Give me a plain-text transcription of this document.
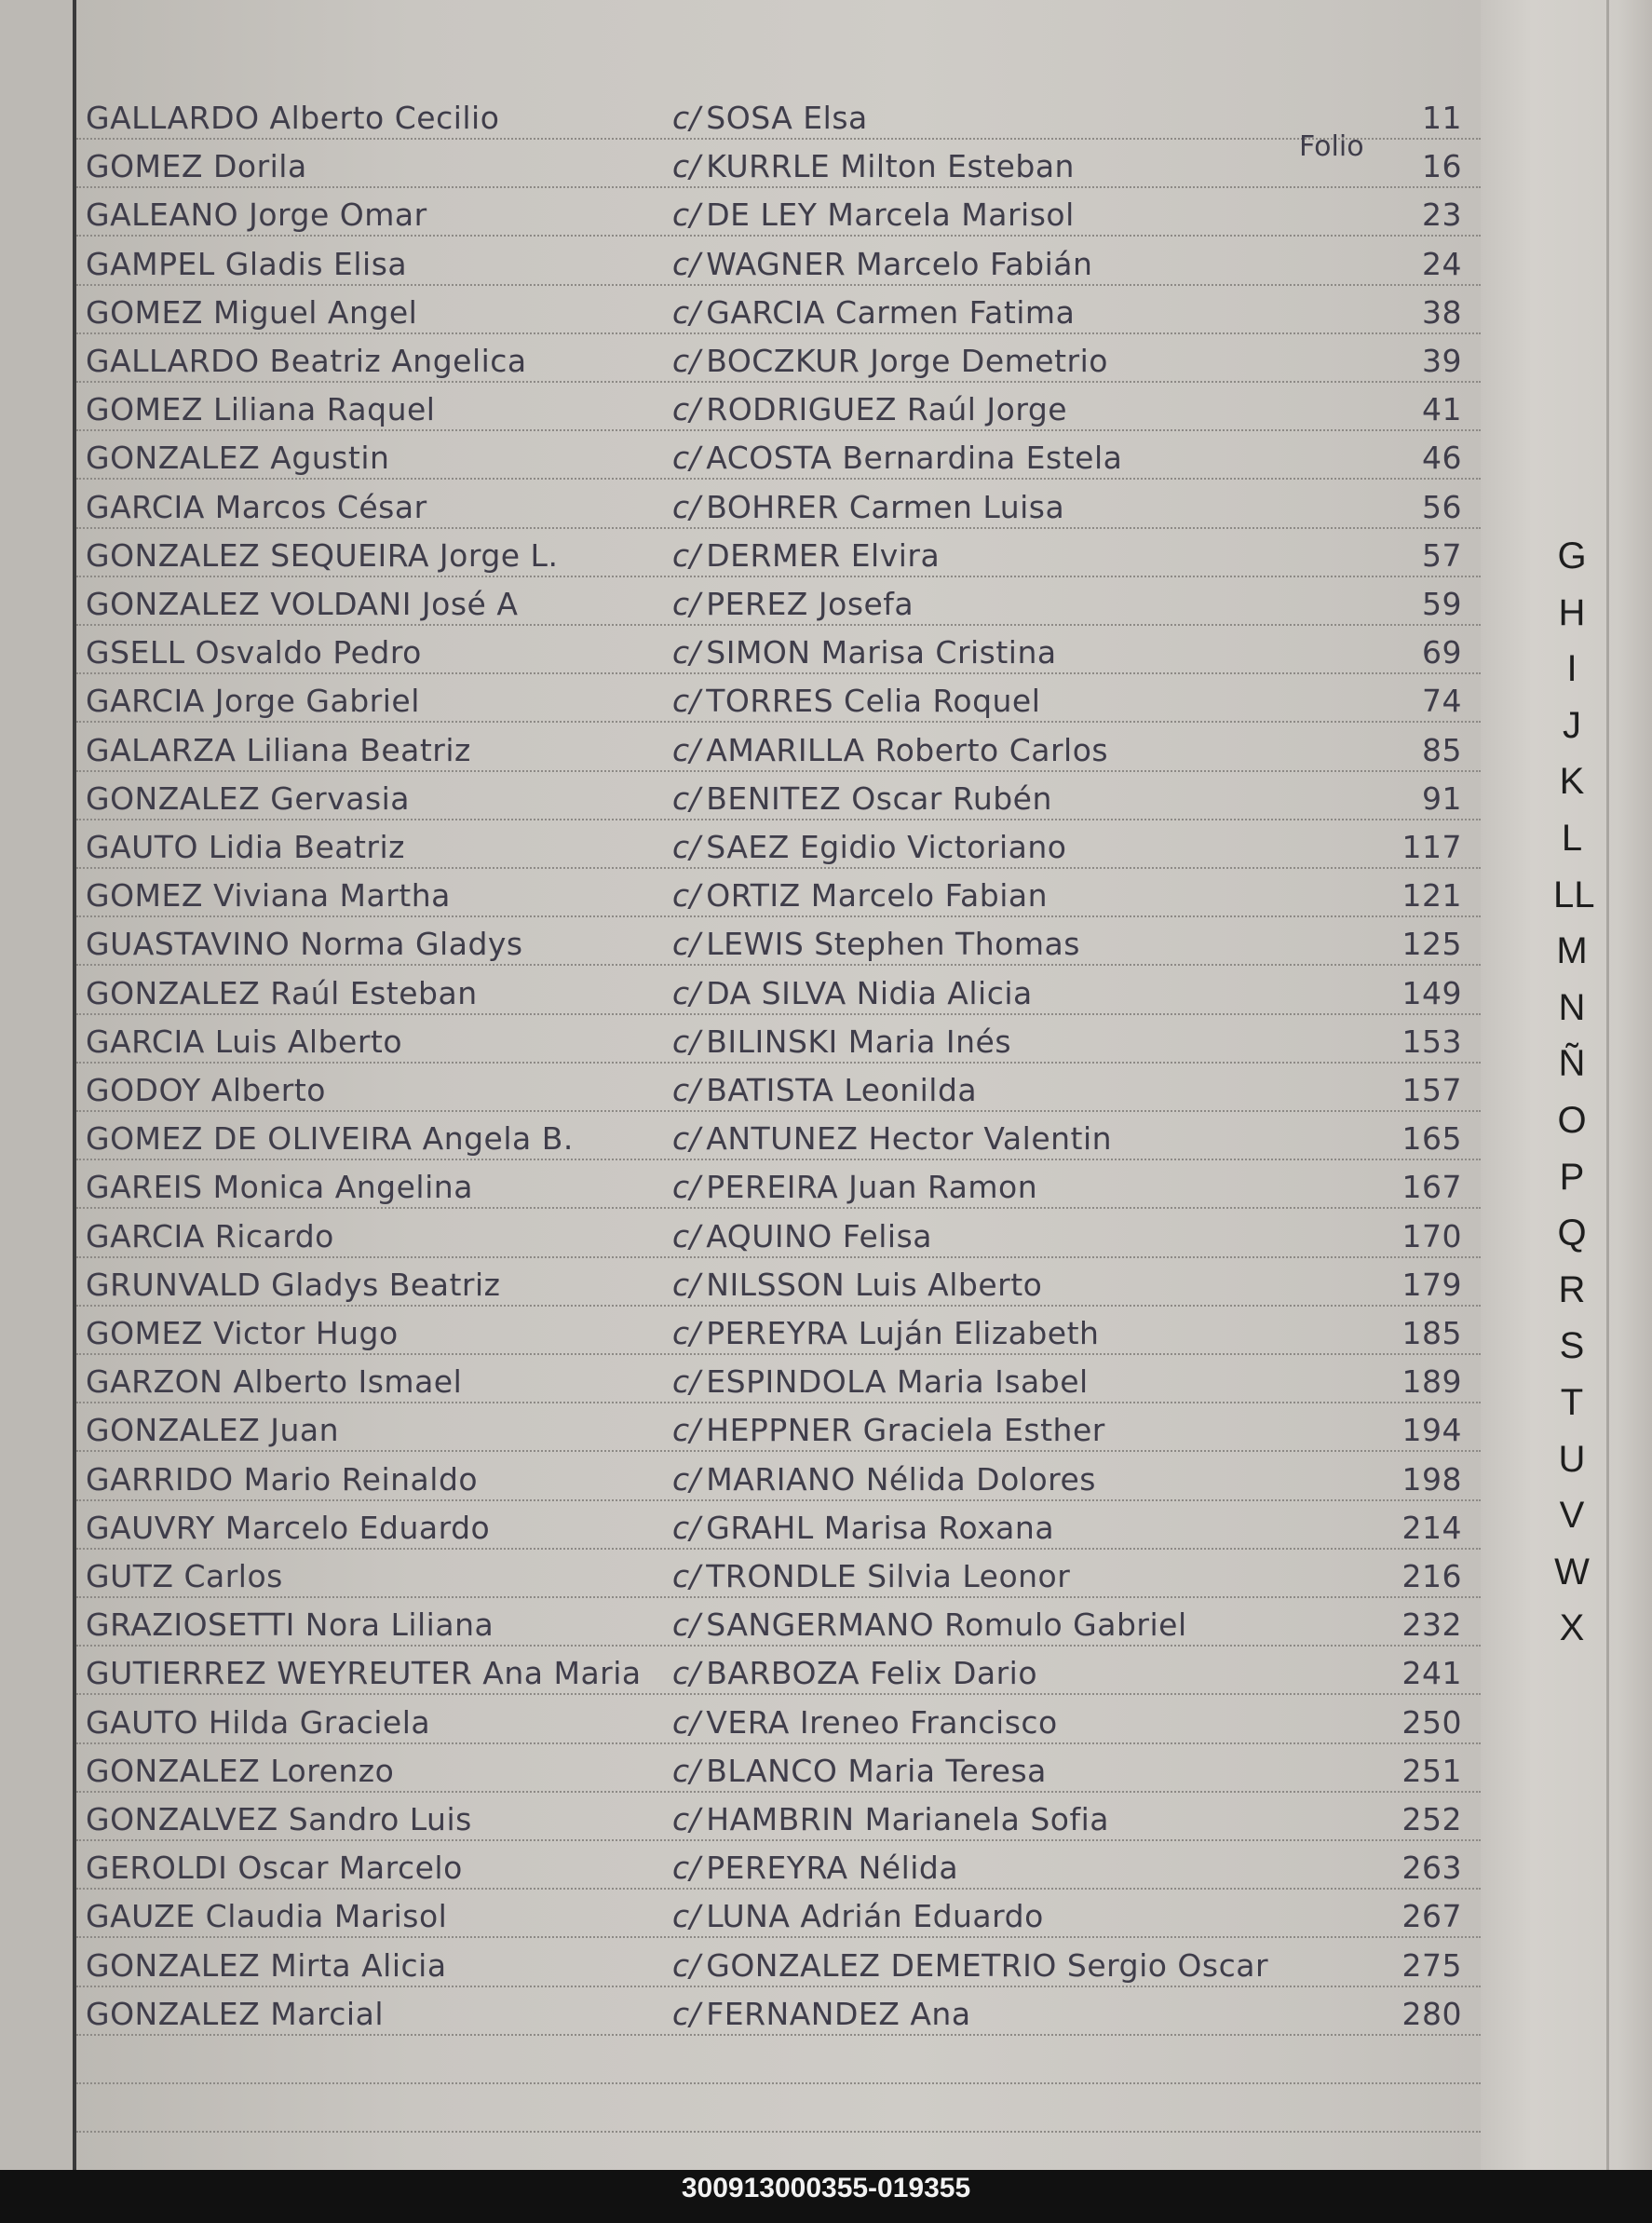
Folio
GALLARDO Alberto Cecilio	c/ SOSA Elsa	11
GOMEZ Dorila	c/ KURRLE Milton Esteban	16
GALEANO Jorge Omar	c/ DE LEY Marcela Marisol	23
GAMPEL Gladis Elisa	c/ WAGNER Marcelo Fabián	24
GOMEZ Miguel Angel	c/ GARCIA Carmen Fatima	38
GALLARDO Beatriz Angelica	c/ BOCZKUR Jorge Demetrio	39
GOMEZ Liliana Raquel	c/ RODRIGUEZ Raúl Jorge	41
GONZALEZ Agustin	c/ ACOSTA Bernardina Estela	46
GARCIA Marcos César	c/ BOHRER Carmen Luisa	56
GONZALEZ SEQUEIRA Jorge L.	c/ DERMER Elvira	57
GONZALEZ VOLDANI José A	c/ PEREZ Josefa	59
GSELL Osvaldo Pedro	c/ SIMON Marisa Cristina	69
GARCIA Jorge Gabriel	c/ TORRES Celia Roquel	74
GALARZA Liliana Beatriz	c/ AMARILLA Roberto Carlos	85
GONZALEZ Gervasia	c/ BENITEZ Oscar Rubén	91
GAUTO Lidia Beatriz	c/ SAEZ Egidio Victoriano	117
GOMEZ Viviana Martha	c/ ORTIZ Marcelo Fabian	121
GUASTAVINO Norma Gladys	c/ LEWIS Stephen Thomas	125
GONZALEZ Raúl Esteban	c/ DA SILVA Nidia Alicia	149
GARCIA Luis Alberto	c/ BILINSKI Maria Inés	153
GODOY Alberto	c/ BATISTA Leonilda	157
GOMEZ DE OLIVEIRA Angela B.	c/ ANTUNEZ Hector Valentin	165
GAREIS Monica Angelina	c/ PEREIRA Juan Ramon	167
GARCIA Ricardo	c/ AQUINO Felisa	170
GRUNVALD Gladys Beatriz	c/ NILSSON Luis Alberto	179
GOMEZ Victor Hugo	c/ PEREYRA Luján Elizabeth	185
GARZON Alberto Ismael	c/ ESPINDOLA Maria Isabel	189
GONZALEZ Juan	c/ HEPPNER Graciela Esther	194
GARRIDO Mario Reinaldo	c/ MARIANO Nélida Dolores	198
GAUVRY Marcelo Eduardo	c/ GRAHL Marisa Roxana	214
GUTZ Carlos	c/ TRONDLE Silvia Leonor	216
GRAZIOSETTI Nora Liliana	c/ SANGERMANO Romulo Gabriel	232
GUTIERREZ WEYREUTER Ana Maria c/ BARBOZA Felix Dario	241
GAUTO Hilda Graciela	c/ VERA Ireneo Francisco	250
GONZALEZ Lorenzo	c/ BLANCO Maria Teresa	251
GONZALVEZ Sandro Luis	c/ HAMBRIN Marianela Sofia	252
GEROLDI Oscar Marcelo	c/ PEREYRA Nélida	263
GAUZE Claudia Marisol	c/ LUNA Adrián Eduardo	267
GONZALEZ Mirta Alicia	c/ GONZALEZ DEMETRIO Sergio Oscar	275
GONZALEZ Marcial	c/ FERNANDEZ Ana	280
G
H
I
J
K
L
LL
M
N
Ñ
O
P
Q
R
S
T
U
V
W
X
300913000355-019355
